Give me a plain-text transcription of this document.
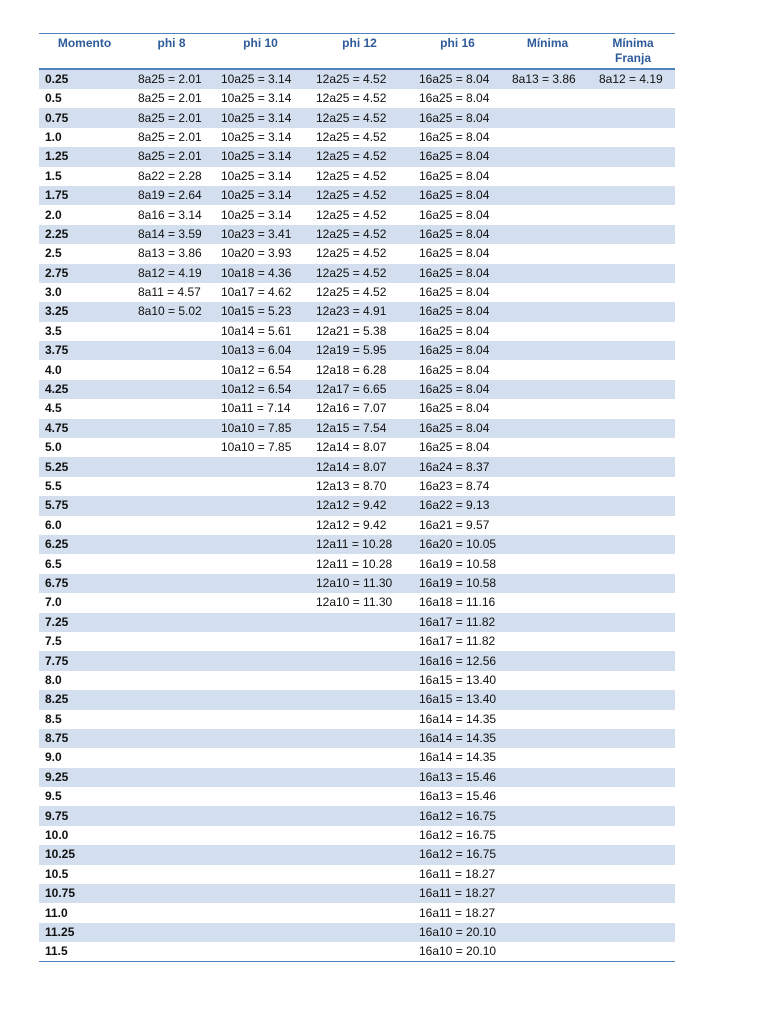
Momento	phi 8	phi 10	phi 12	phi 16	Mínima	Mínima Franja
0.25	8a25 = 2.01	10a25 = 3.14	12a25 = 4.52	16a25 = 8.04	8a13 = 3.86	8a12 = 4.19
0.5	8a25 = 2.01	10a25 = 3.14	12a25 = 4.52	16a25 = 8.04		
0.75	8a25 = 2.01	10a25 = 3.14	12a25 = 4.52	16a25 = 8.04		
1.0	8a25 = 2.01	10a25 = 3.14	12a25 = 4.52	16a25 = 8.04		
1.25	8a25 = 2.01	10a25 = 3.14	12a25 = 4.52	16a25 = 8.04		
1.5	8a22 = 2.28	10a25 = 3.14	12a25 = 4.52	16a25 = 8.04		
1.75	8a19 = 2.64	10a25 = 3.14	12a25 = 4.52	16a25 = 8.04		
2.0	8a16 = 3.14	10a25 = 3.14	12a25 = 4.52	16a25 = 8.04		
2.25	8a14 = 3.59	10a23 = 3.41	12a25 = 4.52	16a25 = 8.04		
2.5	8a13 = 3.86	10a20 = 3.93	12a25 = 4.52	16a25 = 8.04		
2.75	8a12 = 4.19	10a18 = 4.36	12a25 = 4.52	16a25 = 8.04		
3.0	8a11 = 4.57	10a17 = 4.62	12a25 = 4.52	16a25 = 8.04		
3.25	8a10 = 5.02	10a15 = 5.23	12a23 = 4.91	16a25 = 8.04		
3.5		10a14 = 5.61	12a21 = 5.38	16a25 = 8.04		
3.75		10a13 = 6.04	12a19 = 5.95	16a25 = 8.04		
4.0		10a12 = 6.54	12a18 = 6.28	16a25 = 8.04		
4.25		10a12 = 6.54	12a17 = 6.65	16a25 = 8.04		
4.5		10a11 = 7.14	12a16 = 7.07	16a25 = 8.04		
4.75		10a10 = 7.85	12a15 = 7.54	16a25 = 8.04		
5.0		10a10 = 7.85	12a14 = 8.07	16a25 = 8.04		
5.25			12a14 = 8.07	16a24 = 8.37		
5.5			12a13 = 8.70	16a23 = 8.74		
5.75			12a12 = 9.42	16a22 = 9.13		
6.0			12a12 = 9.42	16a21 = 9.57		
6.25			12a11 = 10.28	16a20 = 10.05		
6.5			12a11 = 10.28	16a19 = 10.58		
6.75			12a10 = 11.30	16a19 = 10.58		
7.0			12a10 = 11.30	16a18 = 11.16		
7.25				16a17 = 11.82		
7.5				16a17 = 11.82		
7.75				16a16 = 12.56		
8.0				16a15 = 13.40		
8.25				16a15 = 13.40		
8.5				16a14 = 14.35		
8.75				16a14 = 14.35		
9.0				16a14 = 14.35		
9.25				16a13 = 15.46		
9.5				16a13 = 15.46		
9.75				16a12 = 16.75		
10.0				16a12 = 16.75		
10.25				16a12 = 16.75		
10.5				16a11 = 18.27		
10.75				16a11 = 18.27		
11.0				16a11 = 18.27		
11.25				16a10 = 20.10		
11.5				16a10 = 20.10		
